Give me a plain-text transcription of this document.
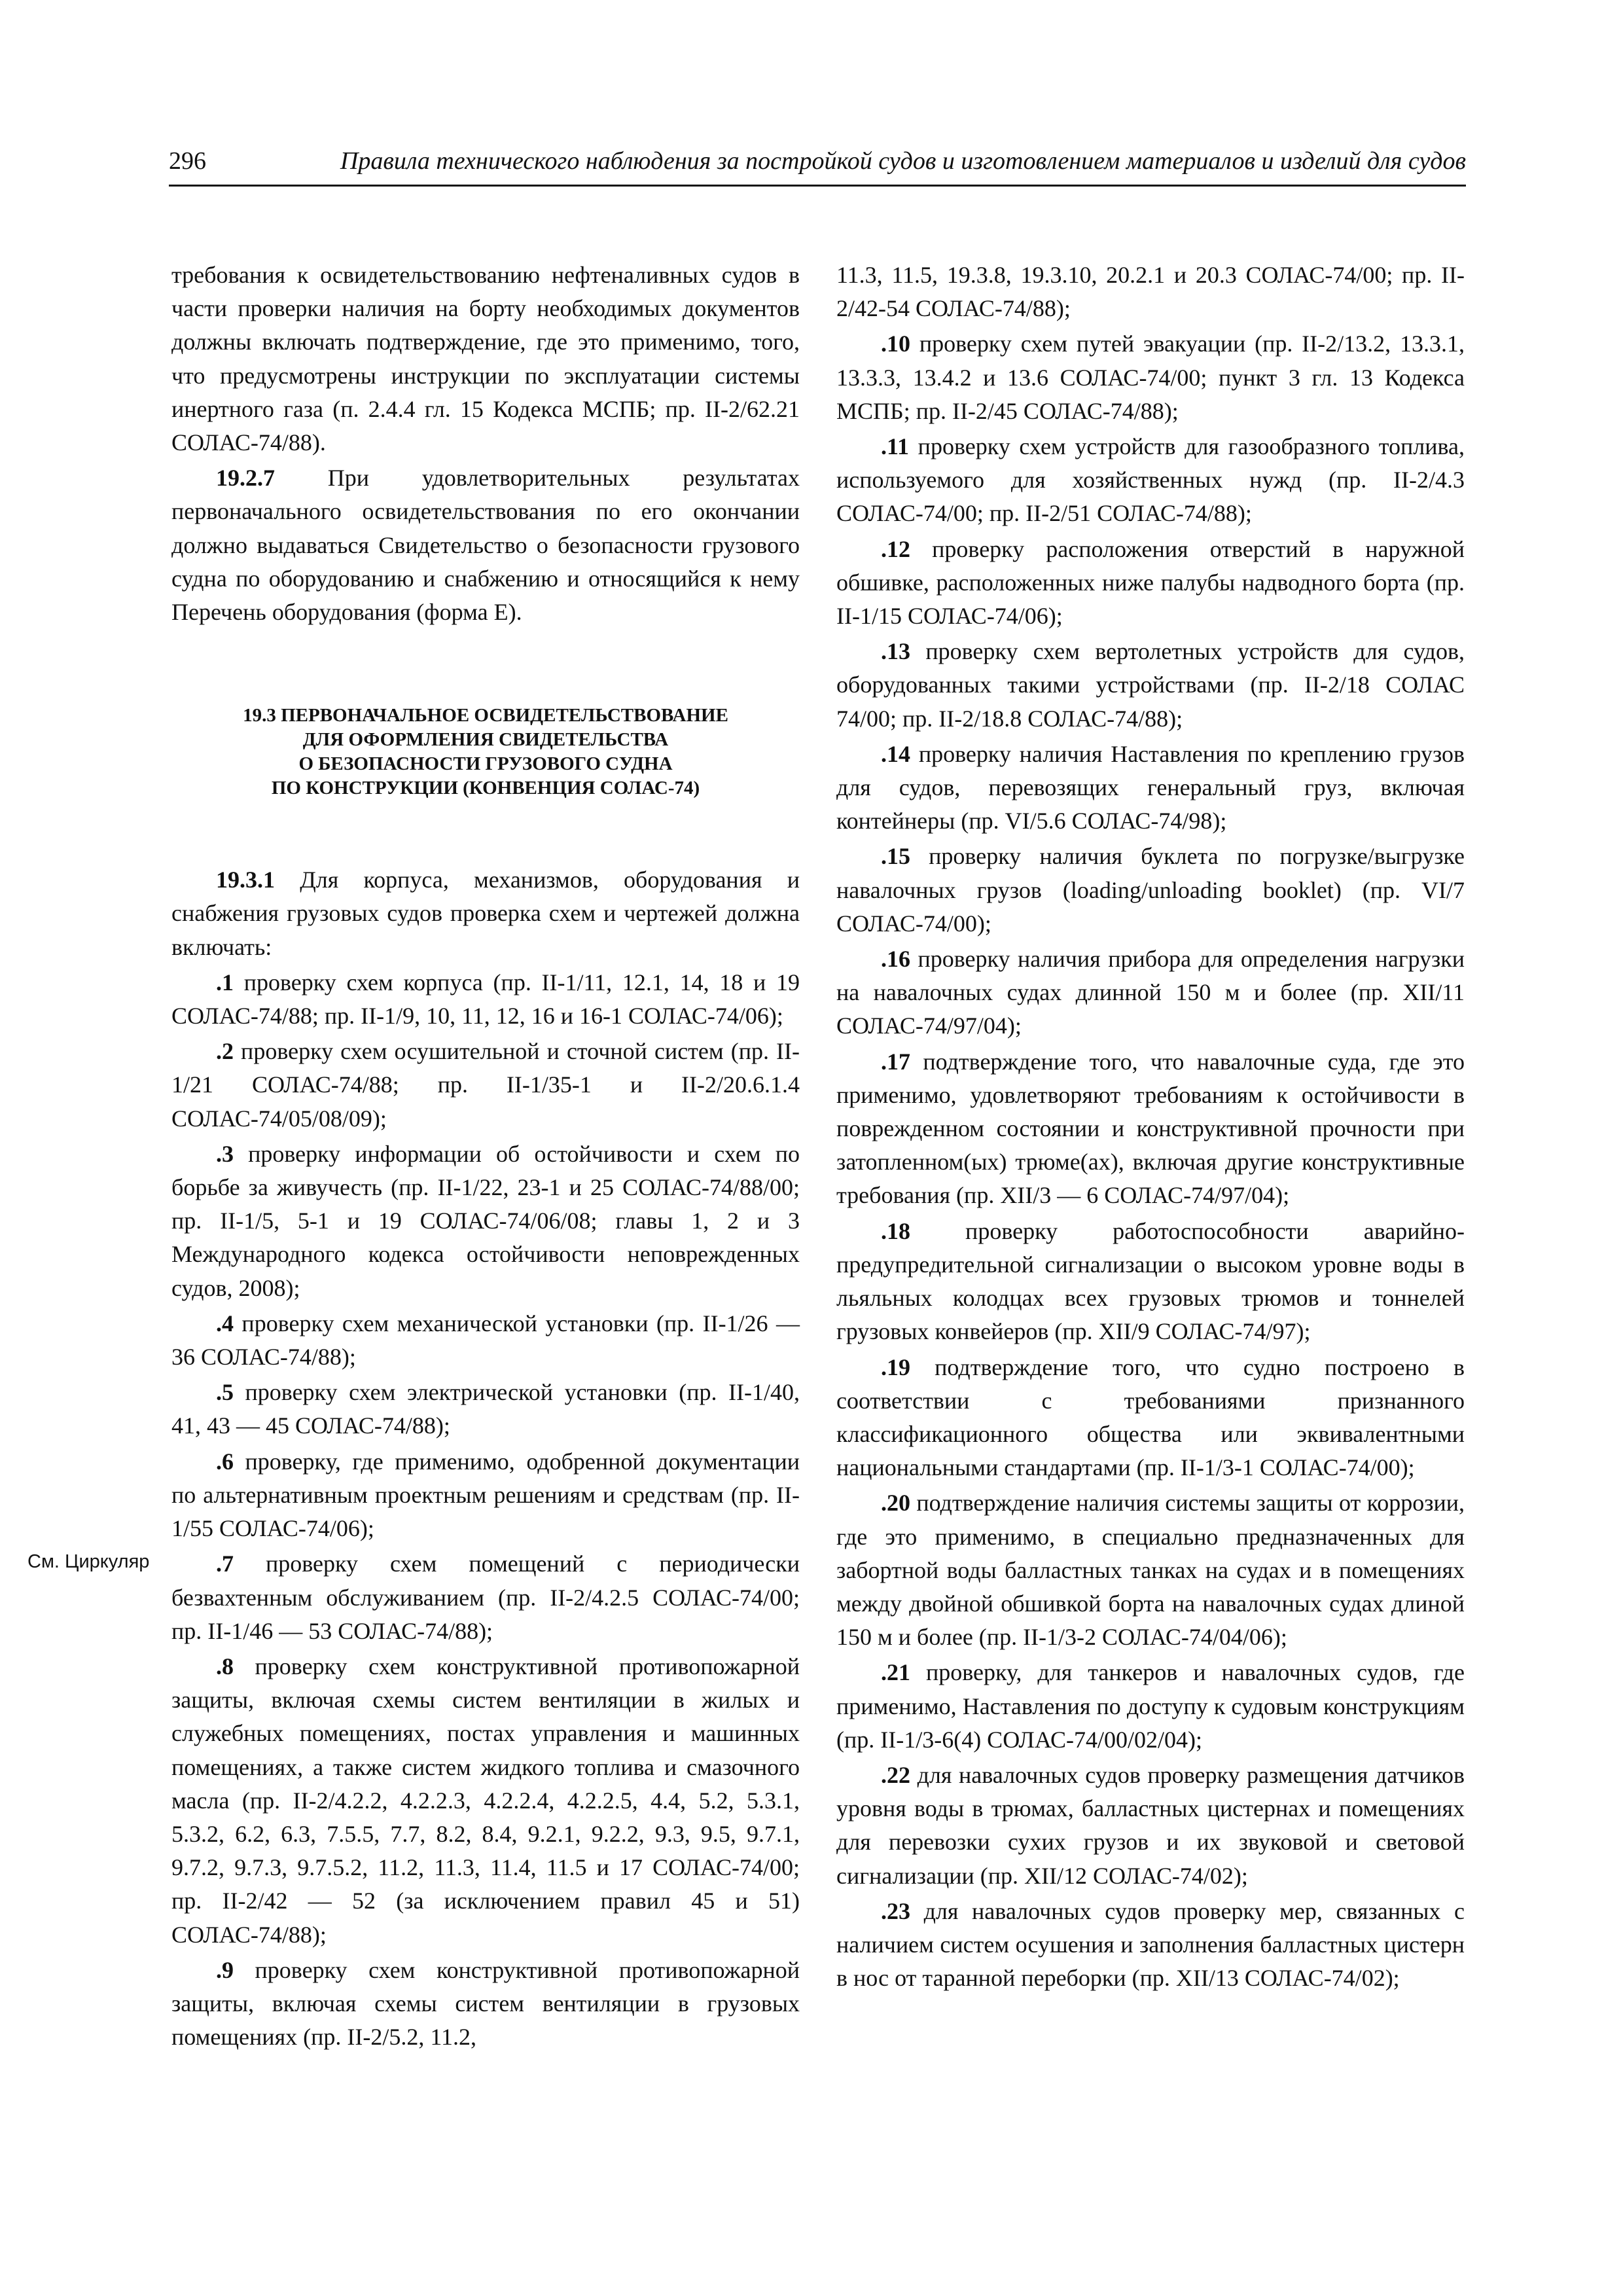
296	Правила технического наблюдения за постройкой судов и изготовлением материалов и изделий для судов
См. Циркуляр

требования к освидетельствованию нефтеналивных судов в части проверки наличия на борту необходимых документов должны включать подтверждение, где это применимо, того, что предусмотрены инструкции по эксплуатации системы инертного газа (п. 2.4.4 гл. 15 Кодекса МСПБ; пр. II-2/62.21 СОЛАС-74/88).

19.2.7 При удовлетворительных результатах первоначального освидетельствования по его окончании должно выдаваться Свидетельство о безопасности грузового судна по оборудованию и снабжению и относящийся к нему Перечень оборудования (форма Е).

19.3 ПЕРВОНАЧАЛЬНОЕ ОСВИДЕТЕЛЬСТВОВАНИЕ
ДЛЯ ОФОРМЛЕНИЯ СВИДЕТЕЛЬСТВА
О БЕЗОПАСНОСТИ ГРУЗОВОГО СУДНА
ПО КОНСТРУКЦИИ (КОНВЕНЦИЯ СОЛАС-74)

19.3.1 Для корпуса, механизмов, оборудования и снабжения грузовых судов проверка схем и чертежей должна включать:

.1 проверку схем корпуса (пр. II-1/11, 12.1, 14, 18 и 19 СОЛАС-74/88; пр. II-1/9, 10, 11, 12, 16 и 16-1 СОЛАС-74/06);

.2 проверку схем осушительной и сточной систем (пр. II-1/21 СОЛАС-74/88; пр. II-1/35-1 и II-2/20.6.1.4 СОЛАС-74/05/08/09);

.3 проверку информации об остойчивости и схем по борьбе за живучесть (пр. II-1/22, 23-1 и 25 СОЛАС-74/88/00; пр. II-1/5, 5-1 и 19 СОЛАС-74/06/08; главы 1, 2 и 3 Международного кодекса остойчивости неповрежденных судов, 2008);

.4 проверку схем механической установки (пр. II-1/26 — 36 СОЛАС-74/88);

.5 проверку схем электрической установки (пр. II-1/40, 41, 43 — 45 СОЛАС-74/88);

.6 проверку, где применимо, одобренной документации по альтернативным проектным решениям и средствам (пр. II-1/55 СОЛАС-74/06);

.7 проверку схем помещений с периодически безвахтенным обслуживанием (пр. II-2/4.2.5 СОЛАС-74/00; пр. II-1/46 — 53 СОЛАС-74/88);

.8 проверку схем конструктивной противопожарной защиты, включая схемы систем вентиляции в жилых и служебных помещениях, постах управления и машинных помещениях, а также систем жидкого топлива и смазочного масла (пр. II-2/4.2.2, 4.2.2.3, 4.2.2.4, 4.2.2.5, 4.4, 5.2, 5.3.1, 5.3.2, 6.2, 6.3, 7.5.5, 7.7, 8.2, 8.4, 9.2.1, 9.2.2, 9.3, 9.5, 9.7.1, 9.7.2, 9.7.3, 9.7.5.2, 11.2, 11.3, 11.4, 11.5 и 17 СОЛАС-74/00; пр. II-2/42 — 52 (за исключением правил 45 и 51) СОЛАС-74/88);

.9 проверку схем конструктивной противопожарной защиты, включая схемы систем вентиляции в грузовых помещениях (пр. II-2/5.2, 11.2,

11.3, 11.5, 19.3.8, 19.3.10, 20.2.1 и 20.3 СОЛАС-74/00; пр. II-2/42-54 СОЛАС-74/88);

.10 проверку схем путей эвакуации (пр. II-2/13.2, 13.3.1, 13.3.3, 13.4.2 и 13.6 СОЛАС-74/00; пункт 3 гл. 13 Кодекса МСПБ; пр. II-2/45 СОЛАС-74/88);

.11 проверку схем устройств для газообразного топлива, используемого для хозяйственных нужд (пр. II-2/4.3 СОЛАС-74/00; пр. II-2/51 СОЛАС-74/88);

.12 проверку расположения отверстий в наружной обшивке, расположенных ниже палубы надводного борта (пр. II-1/15 СОЛАС-74/06);

.13 проверку схем вертолетных устройств для судов, оборудованных такими устройствами (пр. II-2/18 СОЛАС 74/00; пр. II-2/18.8 СОЛАС-74/88);

.14 проверку наличия Наставления по креплению грузов для судов, перевозящих генеральный груз, включая контейнеры (пр. VI/5.6 СОЛАС-74/98);

.15 проверку наличия буклета по погрузке/выгрузке навалочных грузов (loading/unloading booklet) (пр. VI/7 СОЛАС-74/00);

.16 проверку наличия прибора для определения нагрузки на навалочных судах длинной 150 м и более (пр. XII/11 СОЛАС-74/97/04);

.17 подтверждение того, что навалочные суда, где это применимо, удовлетворяют требованиям к остойчивости в поврежденном состоянии и конструктивной прочности при затопленном(ых) трюме(ах), включая другие конструктивные требования (пр. XII/3 — 6 СОЛАС-74/97/04);

.18 проверку работоспособности аварийно-предупредительной сигнализации о высоком уровне воды в льяльных колодцах всех грузовых трюмов и тоннелей грузовых конвейеров (пр. XII/9 СОЛАС-74/97);

.19 подтверждение того, что судно построено в соответствии с требованиями признанного классификационного общества или эквивалентными национальными стандартами (пр. II-1/3-1 СОЛАС-74/00);

.20 подтверждение наличия системы защиты от коррозии, где это применимо, в специально предназначенных для забортной воды балластных танках на судах и в помещениях между двойной обшивкой борта на навалочных судах длиной 150 м и более (пр. II-1/3-2 СОЛАС-74/04/06);

.21 проверку, для танкеров и навалочных судов, где применимо, Наставления по доступу к судовым конструкциям (пр. II-1/3-6(4) СОЛАС-74/00/02/04);

.22 для навалочных судов проверку размещения датчиков уровня воды в трюмах, балластных цистернах и помещениях для перевозки сухих грузов и их звуковой и световой сигнализации (пр. XII/12 СОЛАС-74/02);

.23 для навалочных судов проверку мер, связанных с наличием систем осушения и заполнения балластных цистерн в нос от таранной переборки (пр. XII/13 СОЛАС-74/02);
